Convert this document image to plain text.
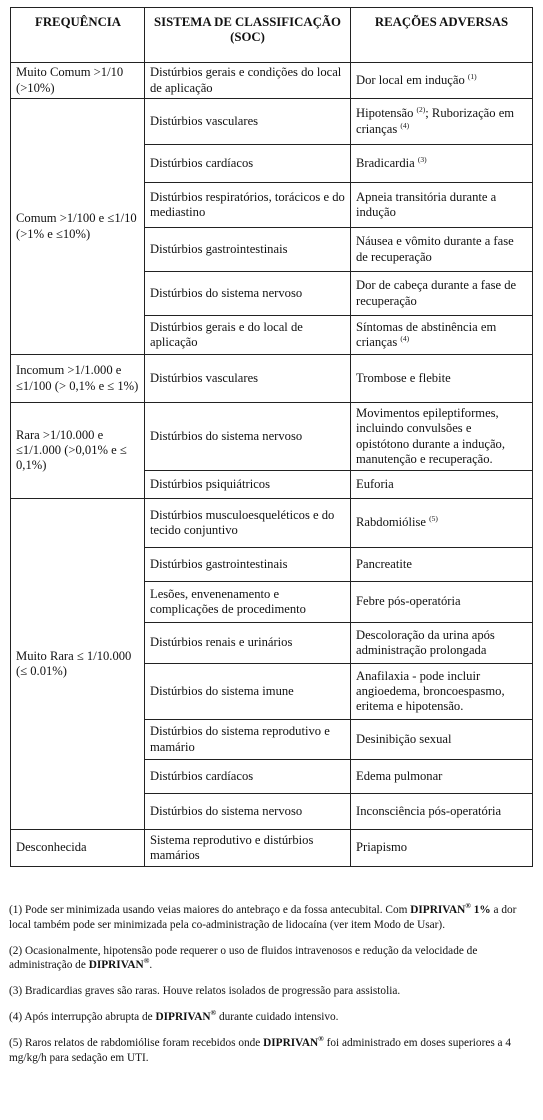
FREQUÊNCIA	SISTEMA DE CLASSIFICAÇÃO (SOC)	REAÇÕES ADVERSAS
Muito Comum >1/10 (>10%)	Distúrbios gerais e condições do local de aplicação	Dor local em indução $^{(1)}$
Comum >1/100 e ≤1/10 (>1% e ≤10%)	Distúrbios vasculares	Hipotensão $^{(2)}$; Ruborização em crianças $^{(4)}$
	Distúrbios cardíacos	Bradicardia $^{(3)}$
	Distúrbios respiratórios, torácicos e do mediastino	Apneia transitória durante a indução
	Distúrbios gastrointestinais	Náusea e vômito durante a fase de recuperação
	Distúrbios do sistema nervoso	Dor de cabeça durante a fase de recuperação
	Distúrbios gerais e do local de aplicação	Síntomas de abstinência em crianças $^{(4)}$
Incomum >1/1.000 e ≤1/100 (> 0,1% e ≤ 1%)	Distúrbios vasculares	Trombose e flebite
Rara >1/10.000 e ≤1/1.000 (>0,01% e ≤ 0,1%)	Distúrbios do sistema nervoso	Movimentos epileptiformes, incluindo convulsões e opistótono durante a indução, manutenção e recuperação.
	Distúrbios psiquiátricos	Euforia
Muito Rara ≤ 1/10.000 (≤ 0.01%)	Distúrbios musculoesqueléticos e do tecido conjuntivo	Rabdomiólise $^{(5)}$
	Distúrbios gastrointestinais	Pancreatite
	Lesões, envenenamento e complicações de procedimento	Febre pós-operatória
	Distúrbios renais e urinários	Descoloração da urina após administração prolongada
	Distúrbios do sistema imune	Anafilaxia - pode incluir angioedema, broncoespasmo, eritema e hipotensão.
	Distúrbios do sistema reprodutivo e mamário	Desinibição sexual
	Distúrbios cardíacos	Edema pulmonar
	Distúrbios do sistema nervoso	Inconsciência pós-operatória
Desconhecida	Sistema reprodutivo e distúrbios mamários	Priapismo

(1) Pode ser minimizada usando veias maiores do antebraço e da fossa antecubital. Com DIPRIVAN® 1% a dor local também pode ser minimizada pela co-administração de lidocaína (ver item Modo de Usar).

(2) Ocasionalmente, hipotensão pode requerer o uso de fluidos intravenosos e redução da velocidade de administração de DIPRIVAN®.

(3) Bradicardias graves são raras. Houve relatos isolados de progressão para assistolia.

(4) Após interrupção abrupta de DIPRIVAN® durante cuidado intensivo.

(5) Raros relatos de rabdomiólise foram recebidos onde DIPRIVAN® foi administrado em doses superiores a 4 mg/kg/h para sedação em UTI.
